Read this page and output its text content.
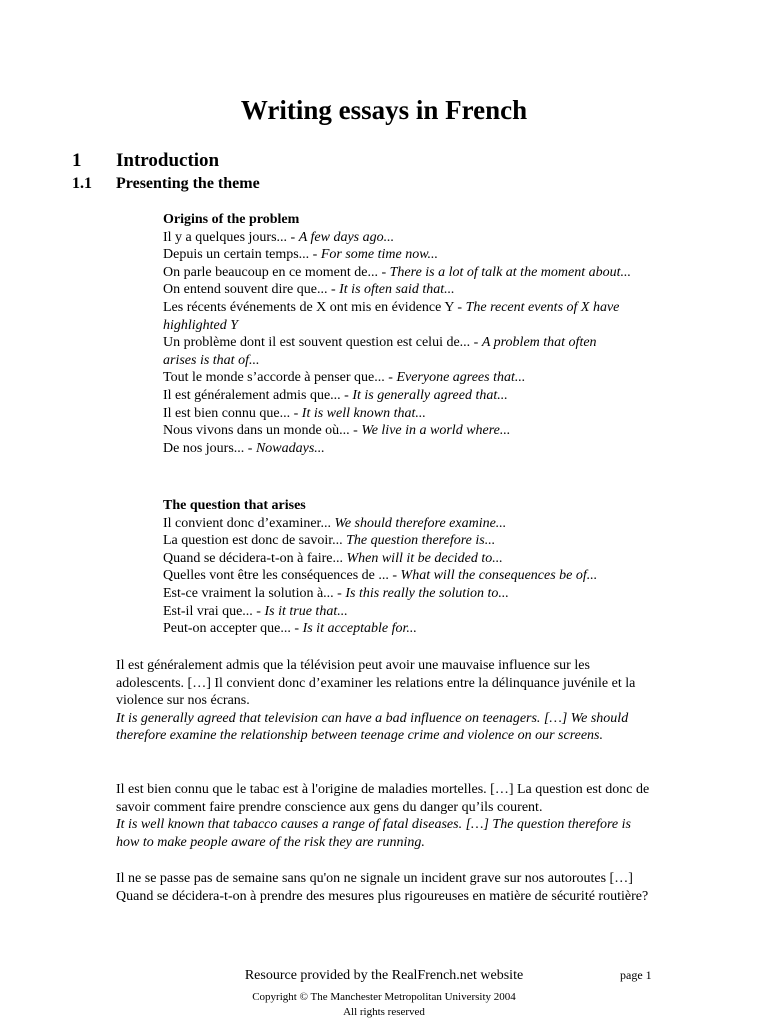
Writing essays in French
1 Introduction
1.1 Presenting the theme
Origins of the problem
Il y a quelques jours... - A few days ago...
Depuis un certain temps... - For some time now...
On parle beaucoup en ce moment de... - There is a lot of talk at the moment about...
On entend souvent dire que... - It is often said that...
Les récents événements de X ont mis en évidence Y - The recent events of X have highlighted Y
Un problème dont il est souvent question est celui de... - A problem that often arises is that of...
Tout le monde s’accorde à penser que... - Everyone agrees that...
Il est généralement admis que... - It is generally agreed that...
Il est bien connu que... - It is well known that...
Nous vivons dans un monde où... - We live in a world where...
De nos jours... - Nowadays...
The question that arises
Il convient donc d’examiner... We should therefore examine...
La question est donc de savoir... The question therefore is...
Quand se décidera-t-on à faire... When will it be decided to...
Quelles vont être les conséquences de ... - What will the consequences be of...
Est-ce vraiment la solution à... - Is this really the solution to...
Est-il vrai que... - Is it true that...
Peut-on accepter que... - Is it acceptable for...
Il est généralement admis que la télévision peut avoir une mauvaise influence sur les adolescents. […] Il convient donc d’examiner les relations entre la délinquance juvénile et la violence sur nos écrans.
It is generally agreed that television can have a bad influence on teenagers. […] We should therefore examine the relationship between teenage crime and violence on our screens.
Il est bien connu que le tabac est à l'origine de maladies mortelles. […] La question est donc de savoir comment faire prendre conscience aux gens du danger qu’ils courent.
It is well known that tabacco causes a range of fatal diseases. […] The question therefore is how to make people aware of the risk they are running.
Il ne se passe pas de semaine sans qu'on ne signale un incident grave sur nos autoroutes […]
Quand se décidera-t-on à prendre des mesures plus rigoureuses en matière de sécurité routière?
Resource provided by the RealFrench.net website	page 1
Copyright © The Manchester Metropolitan University 2004
All rights reserved
